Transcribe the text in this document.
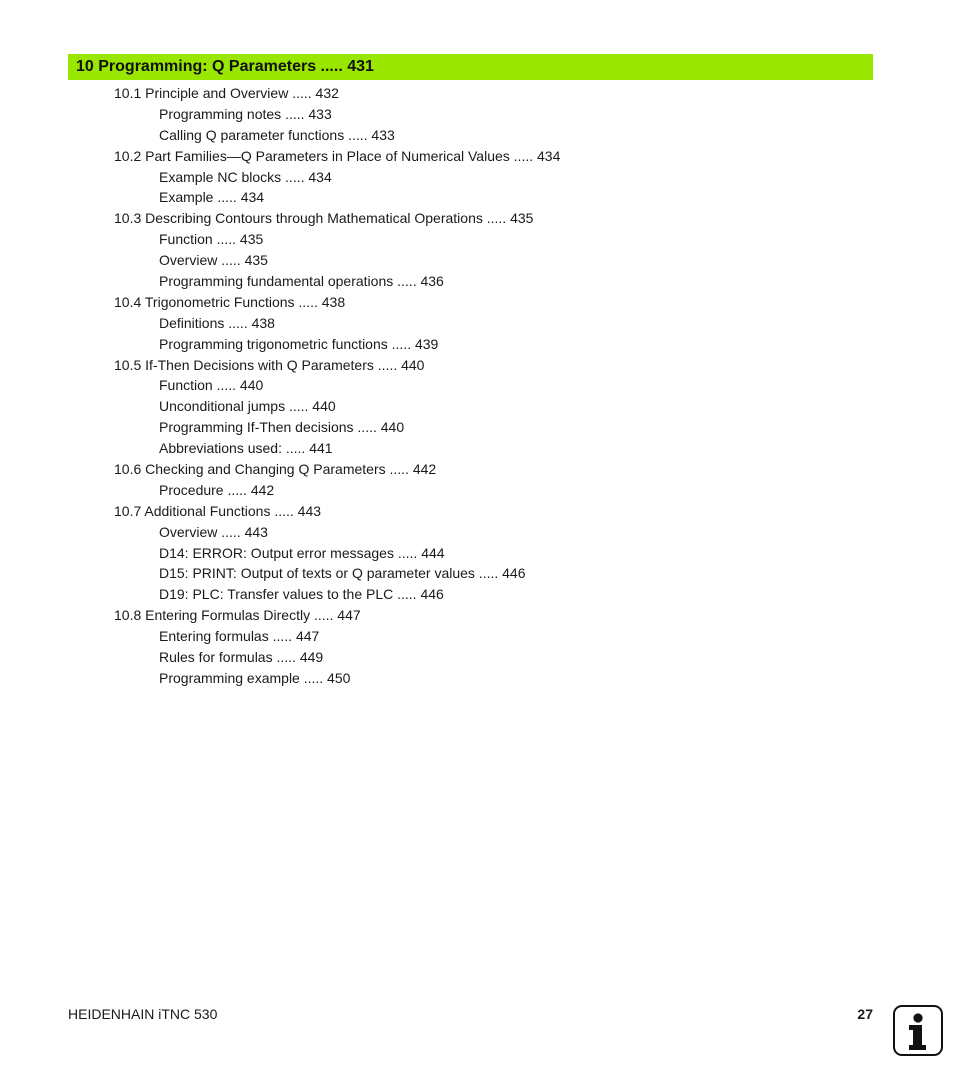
10 Programming: Q Parameters ..... 431
10.1 Principle and Overview ..... 432
Programming notes ..... 433
Calling Q parameter functions ..... 433
10.2 Part Families—Q Parameters in Place of Numerical Values ..... 434
Example NC blocks ..... 434
Example ..... 434
10.3 Describing Contours through Mathematical Operations ..... 435
Function ..... 435
Overview ..... 435
Programming fundamental operations ..... 436
10.4 Trigonometric Functions ..... 438
Definitions ..... 438
Programming trigonometric functions ..... 439
10.5 If-Then Decisions with Q Parameters ..... 440
Function ..... 440
Unconditional jumps ..... 440
Programming If-Then decisions ..... 440
Abbreviations used: ..... 441
10.6 Checking and Changing Q Parameters ..... 442
Procedure ..... 442
10.7 Additional Functions ..... 443
Overview ..... 443
D14: ERROR: Output error messages ..... 444
D15: PRINT: Output of texts or Q parameter values ..... 446
D19: PLC: Transfer values to the PLC ..... 446
10.8 Entering Formulas Directly ..... 447
Entering formulas ..... 447
Rules for formulas ..... 449
Programming example ..... 450
HEIDENHAIN iTNC 530	27
